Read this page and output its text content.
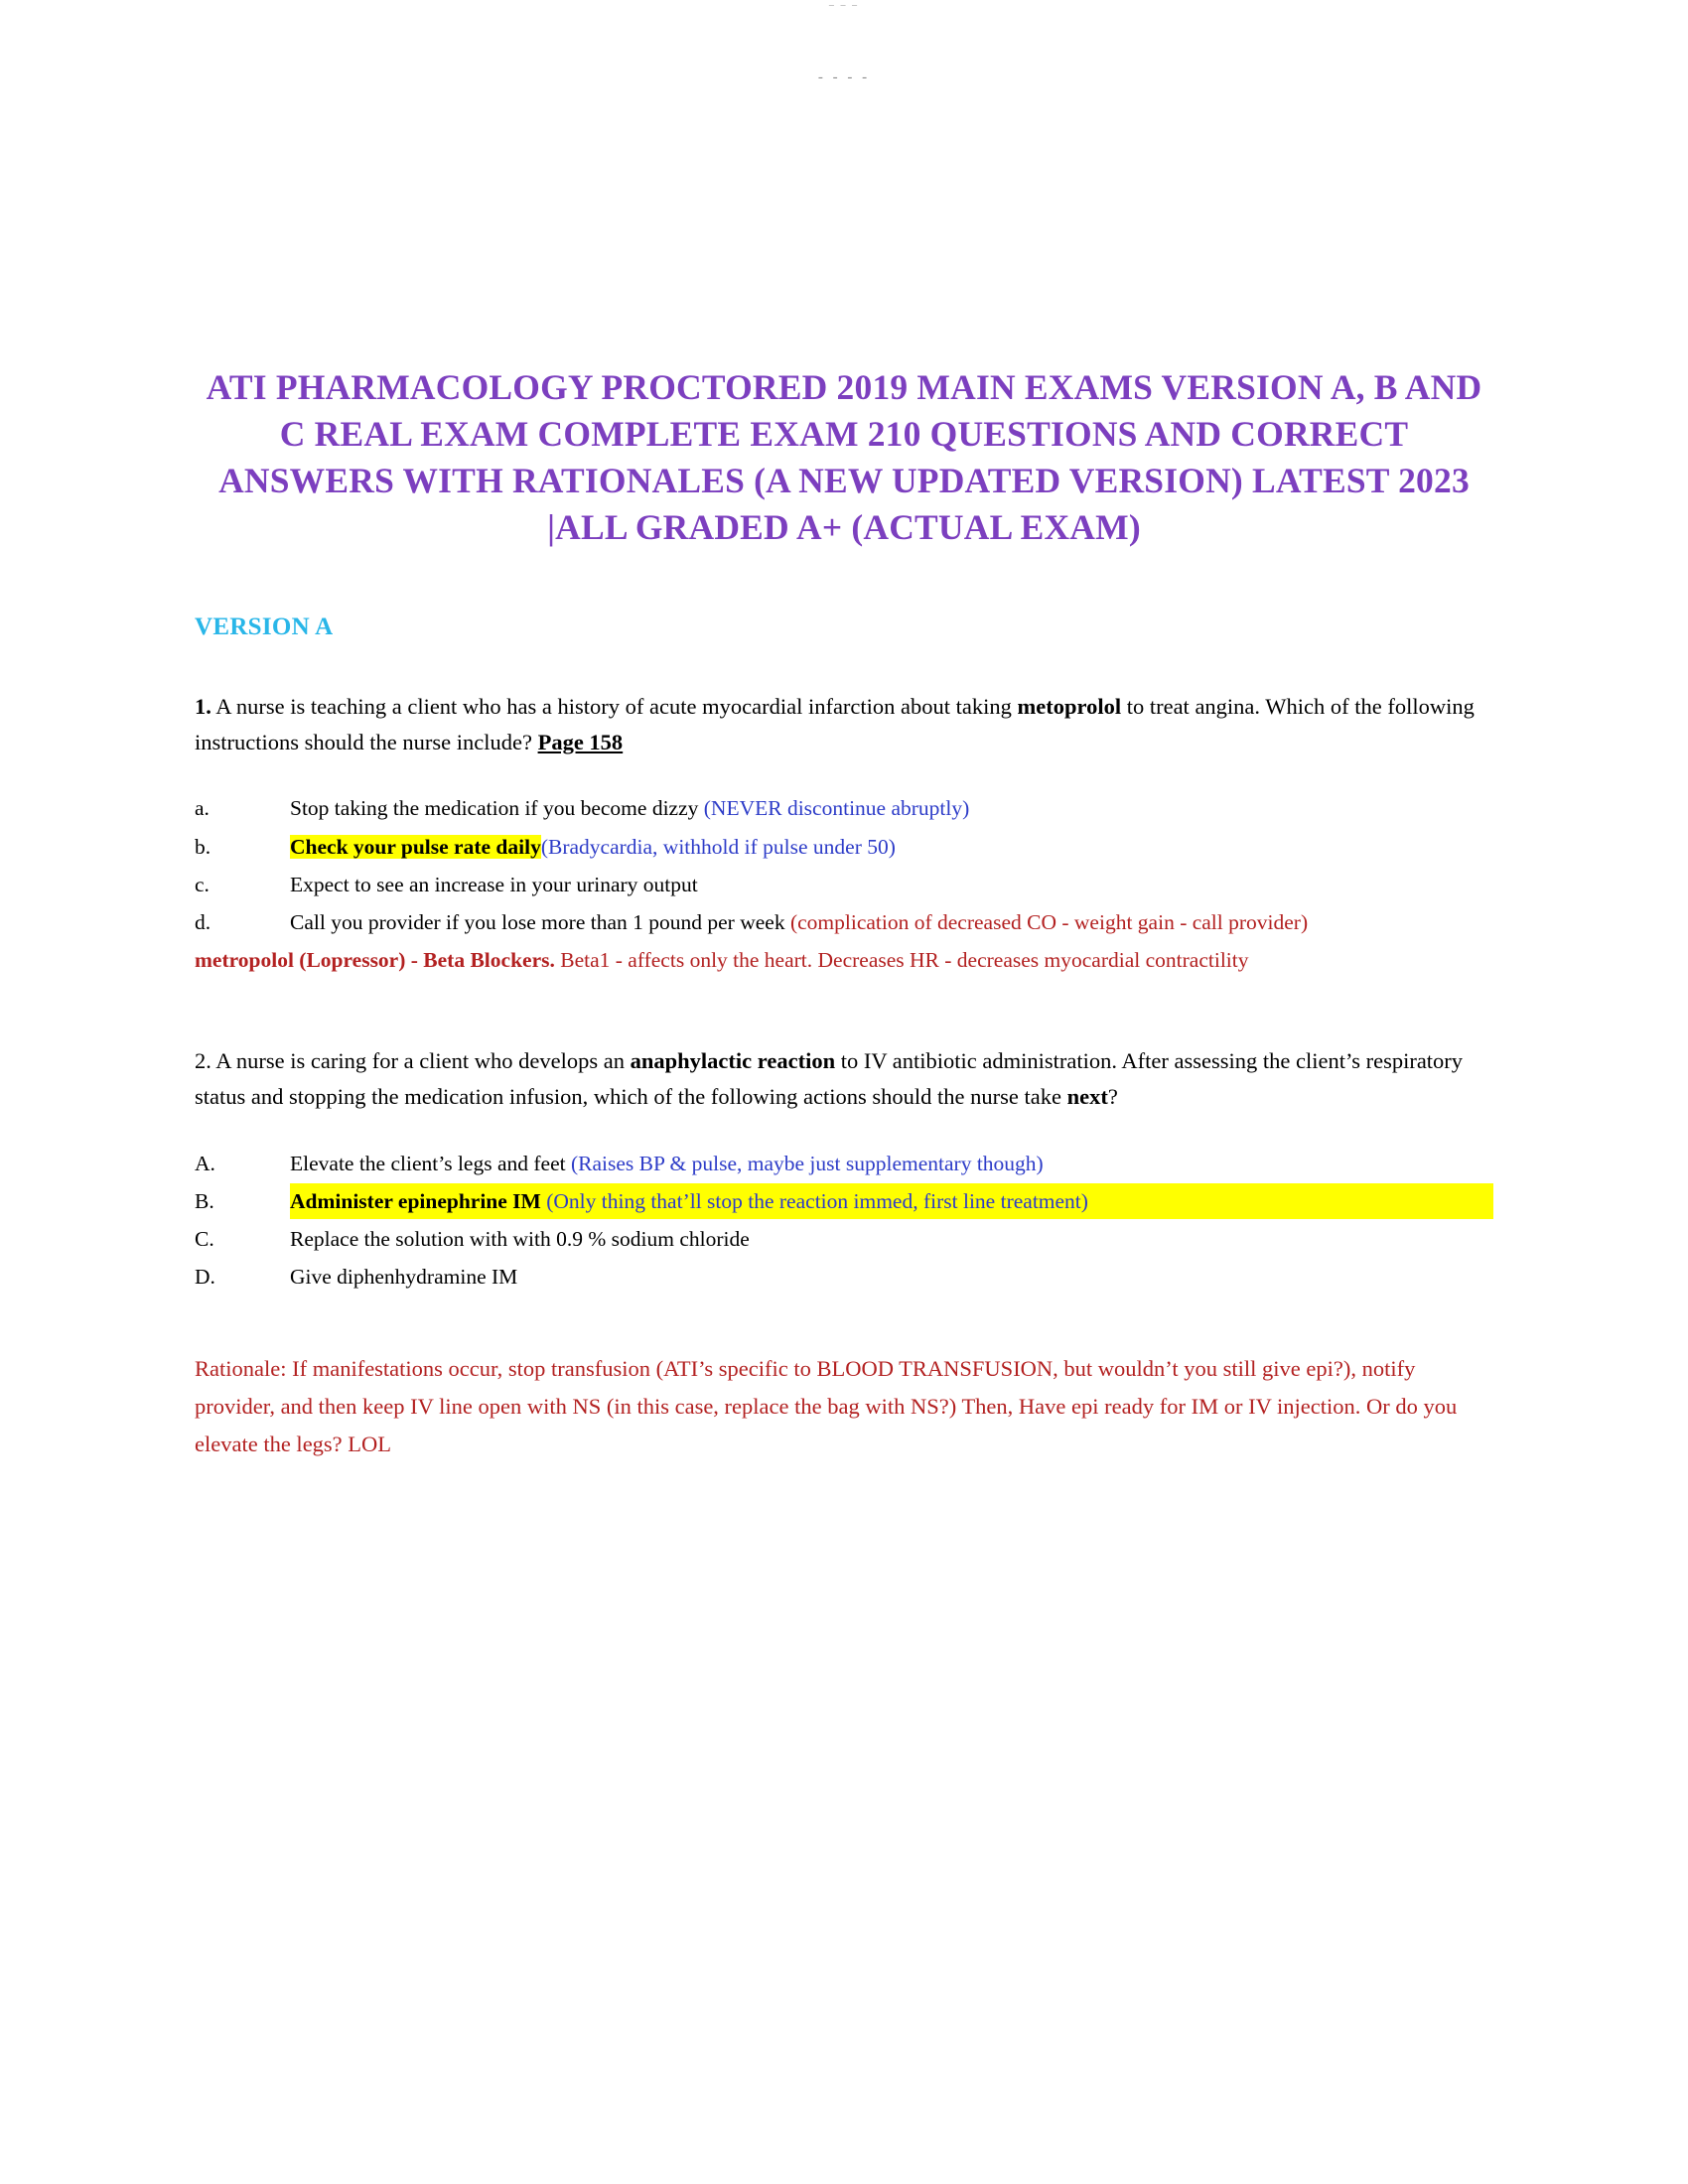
‾ ‾ ‾
- - - -
ATI PHARMACOLOGY PROCTORED 2019 MAIN EXAMS VERSION A, B AND C REAL EXAM COMPLETE EXAM 210 QUESTIONS AND CORRECT ANSWERS WITH RATIONALES (A NEW UPDATED VERSION) LATEST 2023 |ALL GRADED A+ (ACTUAL EXAM)
VERSION A
1. A nurse is teaching a client who has a history of acute myocardial infarction about taking metoprolol to treat angina. Which of the following instructions should the nurse include? Page 158
a.	Stop taking the medication if you become dizzy (NEVER discontinue abruptly)
b.	Check your pulse rate daily(Bradycardia, withhold if pulse under 50)
c.	Expect to see an increase in your urinary output
d.	Call you provider if you lose more than 1 pound per week (complication of decreased CO - weight gain - call provider)
metropolol (Lopressor) - Beta Blockers. Beta1 - affects only the heart. Decreases HR - decreases myocardial contractility
2. A nurse is caring for a client who develops an anaphylactic reaction to IV antibiotic administration. After assessing the client’s respiratory status and stopping the medication infusion, which of the following actions should the nurse take next?
A.	Elevate the client’s legs and feet (Raises BP & pulse, maybe just supplementary though)
B.	Administer epinephrine IM (Only thing that’ll stop the reaction immed, first line treatment)
C.	Replace the solution with with 0.9 % sodium chloride
D.	Give diphenhydramine IM
Rationale: If manifestations occur, stop transfusion (ATI’s specific to BLOOD TRANSFUSION, but wouldn’t you still give epi?), notify provider, and then keep IV line open with NS (in this case, replace the bag with NS?) Then, Have epi ready for IM or IV injection. Or do you elevate the legs? LOL
